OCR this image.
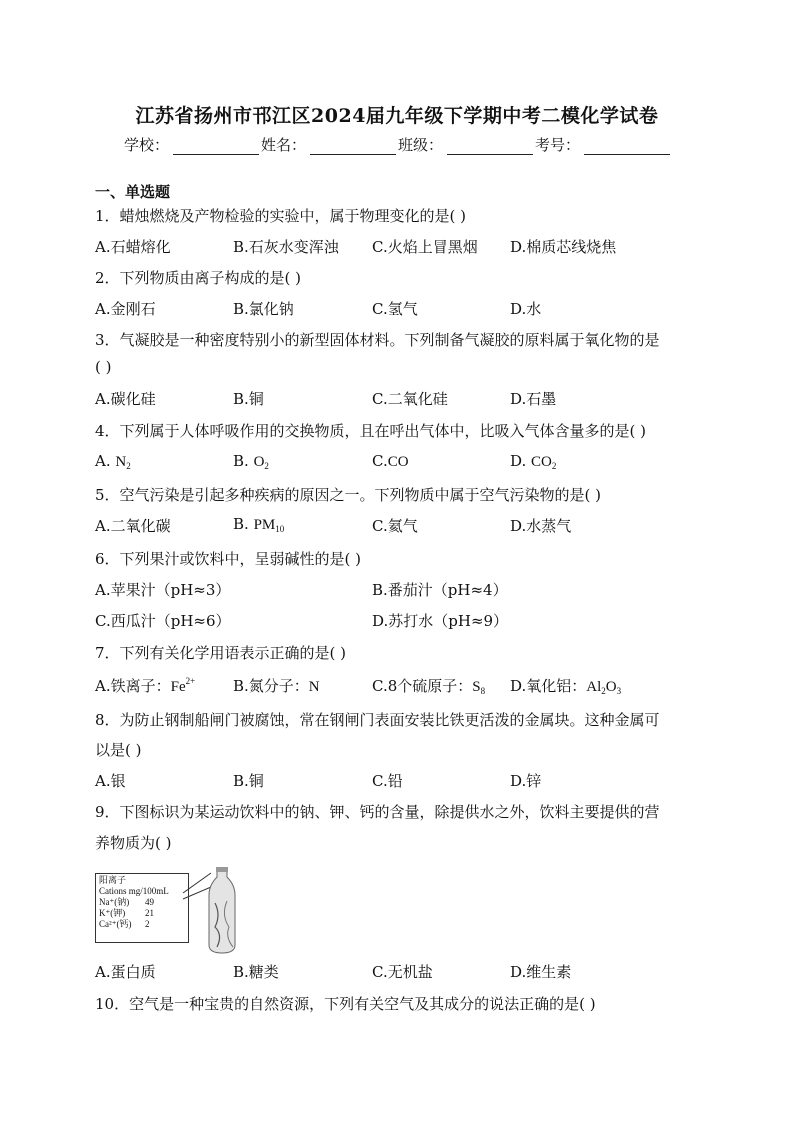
江苏省扬州市邗江区2024届九年级下学期中考二模化学试卷
学校：	姓名：	班级：	考号：
一、单选题
1．蜡烛燃烧及产物检验的实验中，属于物理变化的是( )
A.石蜡熔化	B.石灰水变浑浊 C.火焰上冒黑烟 D.棉质芯线烧焦
2．下列物质由离子构成的是( )
A.金刚石	B.氯化钠	C.氢气	D.水
3．气凝胶是一种密度特别小的新型固体材料。下列制备气凝胶的原料属于氧化物的是
( )
A.碳化硅	B.铜	C.二氧化硅	D.石墨
4．下列属于人体呼吸作用的交换物质，且在呼出气体中，比吸入气体含量多的是( )
A. $N_2$	B. $O_2$	C.CO	D. $CO_2$
5．空气污染是引起多种疾病的原因之一。下列物质中属于空气污染物的是( )
A.二氧化碳	B. $PM_{10}$	C.氦气	D.水蒸气
6．下列果汁或饮料中，呈弱碱性的是( )
A.苹果汁（pH≈3）	B.番茄汁（pH≈4）
C.西瓜汁（pH≈6）	D.苏打水（pH≈9）
7．下列有关化学用语表示正确的是( )
A.铁离子：$Fe^{2+}$	B.氮分子：N	C.8个硫原子：$S_8$ D.氧化铝：$Al_2O_3$
8．为防止钢制船闸门被腐蚀，常在钢闸门表面安装比铁更活泼的金属块。这种金属可
以是( )
A.银	B.铜	C.铅	D.锌
9．下图标识为某运动饮料中的钠、钾、钙的含量，除提供水之外，饮料主要提供的营
养物质为( )
阳离子
Cations mg/100mL
Na⁺(钠)	49
K⁺(钾)	21
Ca²⁺(钙)	2
A.蛋白质	B.糖类	C.无机盐	D.维生素
10．空气是一种宝贵的自然资源，下列有关空气及其成分的说法正确的是( )
